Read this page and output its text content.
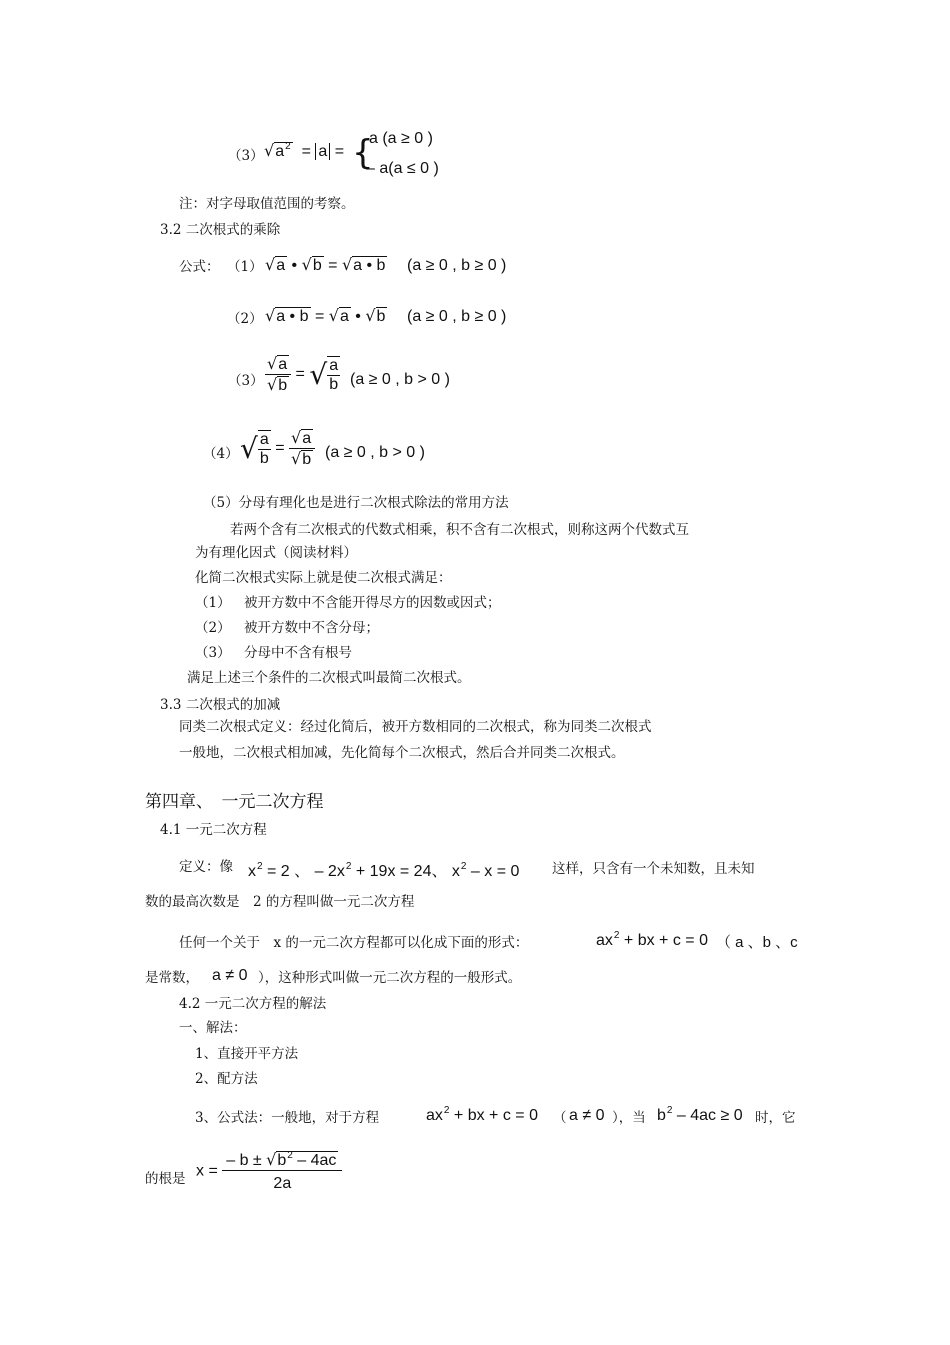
（3） $√a^2 = a$ = {
a (a ≥ 0 )
– a(a ≤ 0 )
注：对字母取值范围的考察。
3.2 二次根式的乘除
公式： （1） √a • √b = √a • b (a ≥ 0 , b ≥ 0 )
（2） √a • b = √a • √b (a ≥ 0 , b ≥ 0 )
$(3) \frac{√a}{√b}$ = √ $\frac{a}{b} (a \ge 0$ , b > 0 )
（4） √ $\frac{a}{b} = \frac{√a}{√b} (a \ge 0$ , b > 0 )
（5）分母有理化也是进行二次根式除法的常用方法
若两个含有二次根式的代数式相乘，积不含有二次根式，则称这两个代数式互
为有理化因式（阅读材料）
化简二次根式实际上就是使二次根式满足：
（1） 被开方数中不含能开得尽方的因数或因式；
（2） 被开方数中不含分母；
（3） 分母中不含有根号
满足上述三个条件的二次根式叫最简二次根式。
3.3 二次根式的加减
同类二次根式定义：经过化简后，被开方数相同的二次根式，称为同类二次根式
一般地，二次根式相加减，先化简每个二次根式，然后合并同类二次根式。
第四章、　一元二次方程
4.1 一元二次方程
定义：像 $x^2 = 2$ 、 – $2x^2 + 19x = 24$、 $x^2 - x = 0$ 这样，只含有一个未知数，且未知
数的最高次数是　2 的方程叫做一元二次方程
任何一个关于　x 的一元二次方程都可以化成下面的形式：	$ax^2$ + bx + c = 0 （ a 、b 、c
是常数， a ≠ 0 ），这种形式叫做一元二次方程的一般形式。
4.2 一元二次方程的解法
一、解法：
1、直接开平方法
2、配方法
3、公式法：一般地，对于方程	$ax^2$ + bx + c = 0 （ a ≠ 0 ），当 $b^2 - 4ac \ge 0$ 时，它
的根是 $x = \frac{- b \pm √b^2 - 4ac}{2a}$
